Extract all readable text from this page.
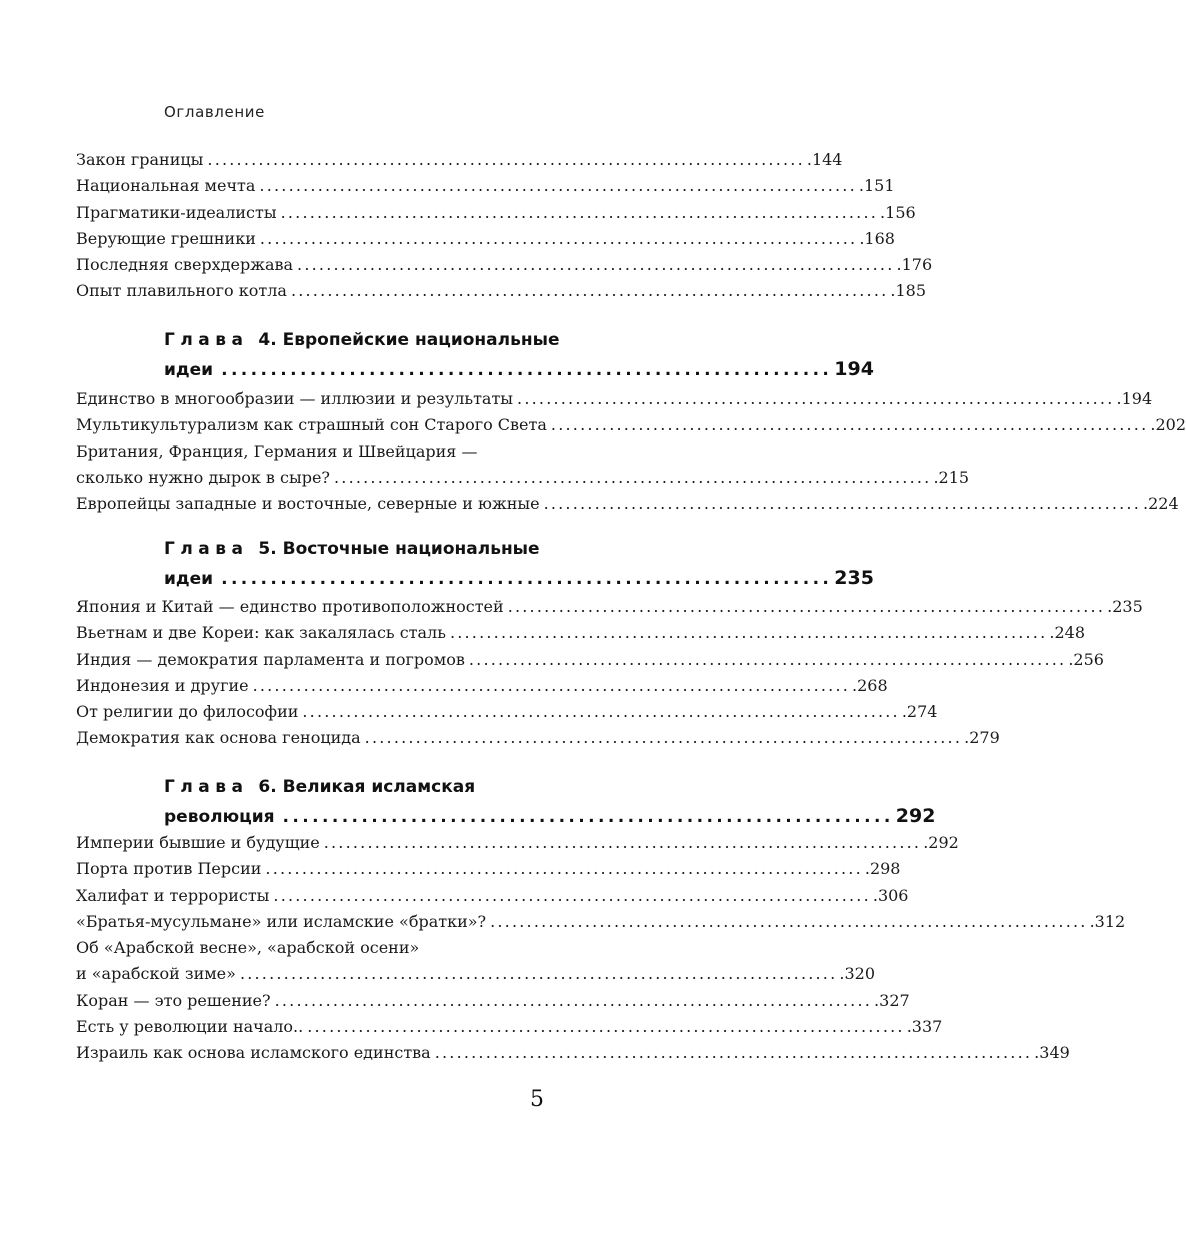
Оглавление
Закон границы .................................................................................. .144
Национальная мечта .................................................................................. .151
Прагматики-идеалисты .................................................................................. .156
Верующие грешники .................................................................................. .168
Последняя сверхдержава .................................................................................. .176
Опыт плавильного котла .................................................................................. .185
Глава 4. Европейские национальные
идеи .............................................................. 194
Единство в многообразии — иллюзии и результаты .................................................................................. .194
Мультикультурализм как страшный сон Старого Света .................................................................................. .202
Британия, Франция, Германия и Швейцария —
сколько нужно дырок в сыре? .................................................................................. .215
Европейцы западные и восточные, северные и южные .................................................................................. .224
Глава 5. Восточные национальные
идеи .............................................................. 235
Япония и Китай — единство противоположностей .................................................................................. .235
Вьетнам и две Кореи: как закалялась сталь .................................................................................. .248
Индия — демократия парламента и погромов .................................................................................. .256
Индонезия и другие .................................................................................. .268
От религии до философии .................................................................................. .274
Демократия как основа геноцида .................................................................................. .279
Глава 6. Великая исламская
революция .............................................................. 292
Империи бывшие и будущие .................................................................................. .292
Порта против Персии .................................................................................. .298
Халифат и террористы .................................................................................. .306
«Братья-мусульмане» или исламские «братки»? .................................................................................. .312
Об «Арабской весне», «арабской осени»
и «арабской зиме» .................................................................................. .320
Коран — это решение? .................................................................................. .327
Есть у революции начало.. .................................................................................. .337
Израиль как основа исламского единства .................................................................................. .349
5
